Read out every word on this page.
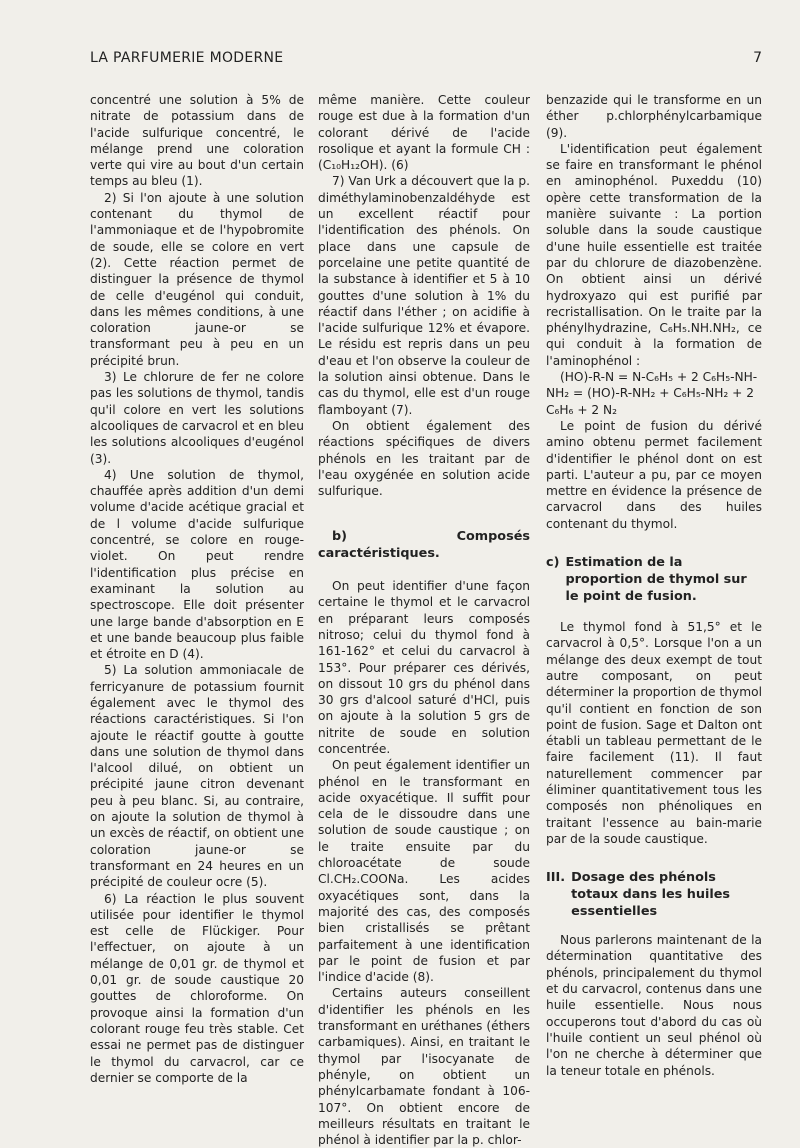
LA PARFUMERIE MODERNE	7

concentré une solution à 5% de nitrate de potassium dans de l'acide sulfurique concentré, le mélange prend une coloration verte qui vire au bout d'un certain temps au bleu (1).

2) Si l'on ajoute à une solution contenant du thymol de l'ammoniaque et de l'hypobromite de soude, elle se colore en vert (2). Cette réaction permet de distinguer la présence de thymol de celle d'eugénol qui conduit, dans les mêmes conditions, à une coloration jaune-or se transformant peu à peu en un précipité brun.

3) Le chlorure de fer ne colore pas les solutions de thymol, tandis qu'il colore en vert les solutions alcooliques de carvacrol et en bleu les solutions alcooliques d'eugénol (3).

4) Une solution de thymol, chauffée après addition d'un demi volume d'acide acétique gracial et de l volume d'acide sulfurique concentré, se colore en rouge-violet. On peut rendre l'identification plus précise en examinant la solution au spectroscope. Elle doit présenter une large bande d'absorption en E et une bande beaucoup plus faible et étroite en D (4).

5) La solution ammoniacale de ferricyanure de potassium fournit également avec le thymol des réactions caractéristiques. Si l'on ajoute le réactif goutte à goutte dans une solution de thymol dans l'alcool dilué, on obtient un précipité jaune citron devenant peu à peu blanc. Si, au contraire, on ajoute la solution de thymol à un excès de réactif, on obtient une coloration jaune-or se transformant en 24 heures en un précipité de couleur ocre (5).

6) La réaction le plus souvent utilisée pour identifier le thymol est celle de Flückiger. Pour l'effectuer, on ajoute à un mélange de 0,01 gr. de thymol et 0,01 gr. de soude caustique 20 gouttes de chloroforme. On provoque ainsi la formation d'un colorant rouge feu très stable. Cet essai ne permet pas de distinguer le thymol du carvacrol, car ce dernier se comporte de la

même manière. Cette couleur rouge est due à la formation d'un colorant dérivé de l'acide rosolique et ayant la formule CH : (C₁₀H₁₂OH). (6)

7) Van Urk a découvert que la p. diméthylaminobenzaldéhyde est un excellent réactif pour l'identification des phénols. On place dans une capsule de porcelaine une petite quantité de la substance à identifier et 5 à 10 gouttes d'une solution à 1% du réactif dans l'éther ; on acidifie à l'acide sulfurique 12% et évapore. Le résidu est repris dans un peu d'eau et l'on observe la couleur de la solution ainsi obtenue. Dans le cas du thymol, elle est d'un rouge flamboyant (7).

On obtient également des réactions spécifiques de divers phénols en les traitant par de l'eau oxygénée en solution acide sulfurique.

b) Composés caractéristiques.

On peut identifier d'une façon certaine le thymol et le carvacrol en préparant leurs composés nitroso; celui du thymol fond à 161-162° et celui du carvacrol à 153°. Pour préparer ces dérivés, on dissout 10 grs du phénol dans 30 grs d'alcool saturé d'HCl, puis on ajoute à la solution 5 grs de nitrite de soude en solution concentrée.

On peut également identifier un phénol en le transformant en acide oxyacétique. Il suffit pour cela de le dissoudre dans une solution de soude caustique ; on le traite ensuite par du chloroacétate de soude Cl.CH₂.COONa. Les acides oxyacétiques sont, dans la majorité des cas, des composés bien cristallisés se prêtant parfaitement à une identification par le point de fusion et par l'indice d'acide (8).

Certains auteurs conseillent d'identifier les phénols en les transformant en uréthanes (éthers carbamiques). Ainsi, en traitant le thymol par l'isocyanate de phényle, on obtient un phénylcarbamate fondant à 106-107°. On obtient encore de meilleurs résultats en traitant le phénol à identifier par la p. chlor-

benzazide qui le transforme en un éther p.chlorphénylcarbamique (9).

L'identification peut également se faire en transformant le phénol en aminophénol. Puxeddu (10) opère cette transformation de la manière suivante : La portion soluble dans la soude caustique d'une huile essentielle est traitée par du chlorure de diazobenzène. On obtient ainsi un dérivé hydroxyazo qui est purifié par recristallisation. On le traite par la phénylhydrazine, C₆H₅.NH.NH₂, ce qui conduit à la formation de l'aminophénol :

(HO)-R-N = N-C₆H₅ + 2 C₆H₅-NH-NH₂ = (HO)-R-NH₂ + C₆H₅-NH₂ + 2 C₆H₆ + 2 N₂

Le point de fusion du dérivé amino obtenu permet facilement d'identifier le phénol dont on est parti. L'auteur a pu, par ce moyen mettre en évidence la présence de carvacrol dans des huiles contenant du thymol.

c) Estimation de la proportion de thymol sur le point de fusion.

Le thymol fond à 51,5° et le carvacrol à 0,5°. Lorsque l'on a un mélange des deux exempt de tout autre composant, on peut déterminer la proportion de thymol qu'il contient en fonction de son point de fusion. Sage et Dalton ont établi un tableau permettant de le faire facilement (11). Il faut naturellement commencer par éliminer quantitativement tous les composés non phénoliques en traitant l'essence au bain-marie par de la soude caustique.

III. Dosage des phénols totaux dans les huiles essentielles

Nous parlerons maintenant de la détermination quantitative des phénols, principalement du thymol et du carvacrol, contenus dans une huile essentielle. Nous nous occuperons tout d'abord du cas où l'huile contient un seul phénol où l'on ne cherche à déterminer que la teneur totale en phénols.
